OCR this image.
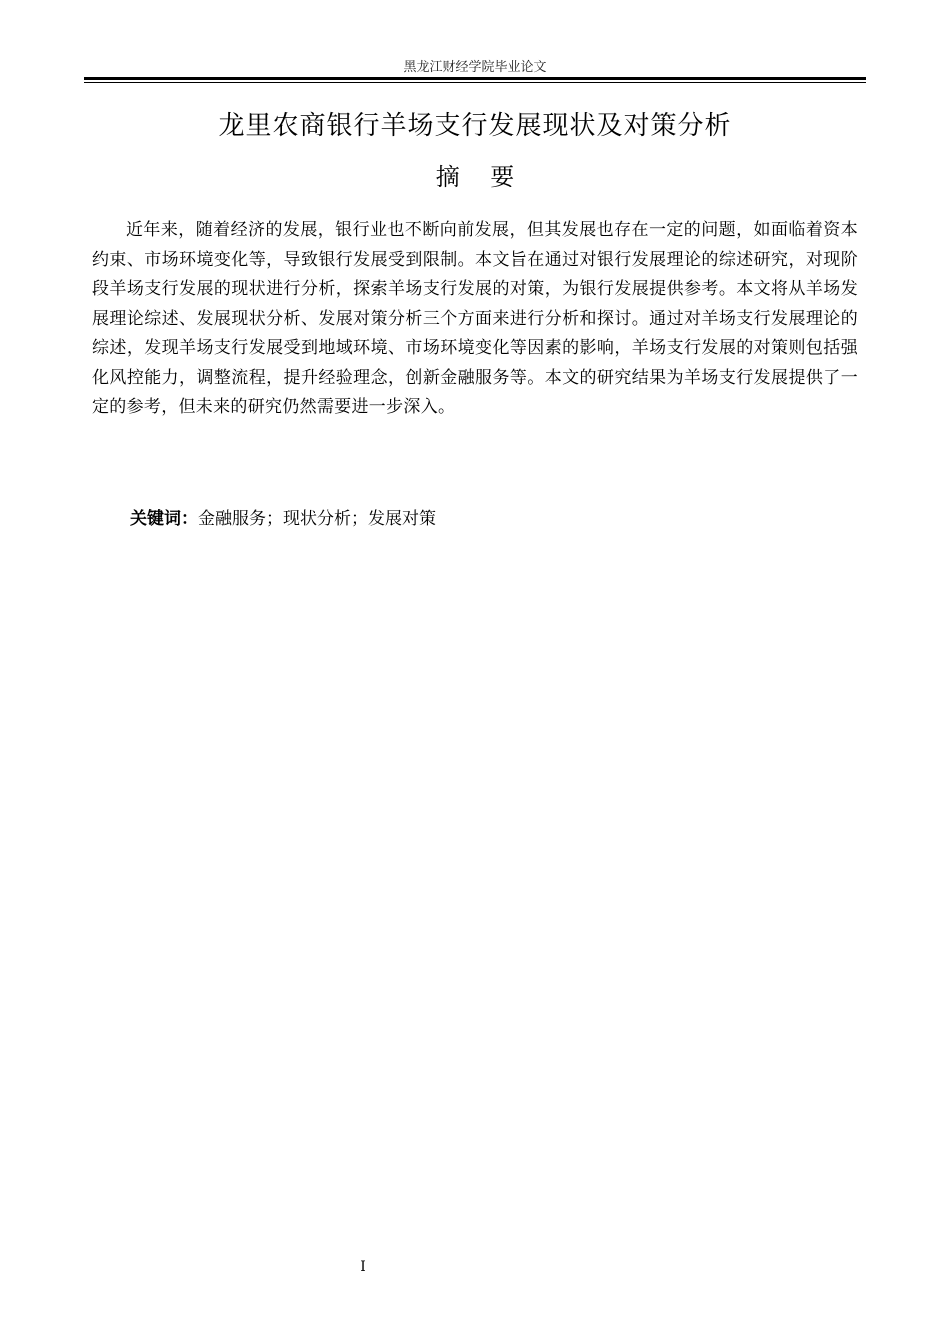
黑龙江财经学院毕业论文
龙里农商银行羊场支行发展现状及对策分析
摘    要

近年来，随着经济的发展，银行业也不断向前发展，但其发展也存在一定的问题，如面临着资本约束、市场环境变化等，导致银行发展受到限制。本文旨在通过对银行发展理论的综述研究，对现阶段羊场支行发展的现状进行分析，探索羊场支行发展的对策，为银行发展提供参考。本文将从羊场发展理论综述、发展现状分析、发展对策分析三个方面来进行分析和探讨。通过对羊场支行发展理论的综述，发现羊场支行发展受到地域环境、市场环境变化等因素的影响，羊场支行发展的对策则包括强化风控能力，调整流程，提升经验理念，创新金融服务等。本文的研究结果为羊场支行发展提供了一定的参考，但未来的研究仍然需要进一步深入。

关键词：金融服务；现状分析；发展对策
I
